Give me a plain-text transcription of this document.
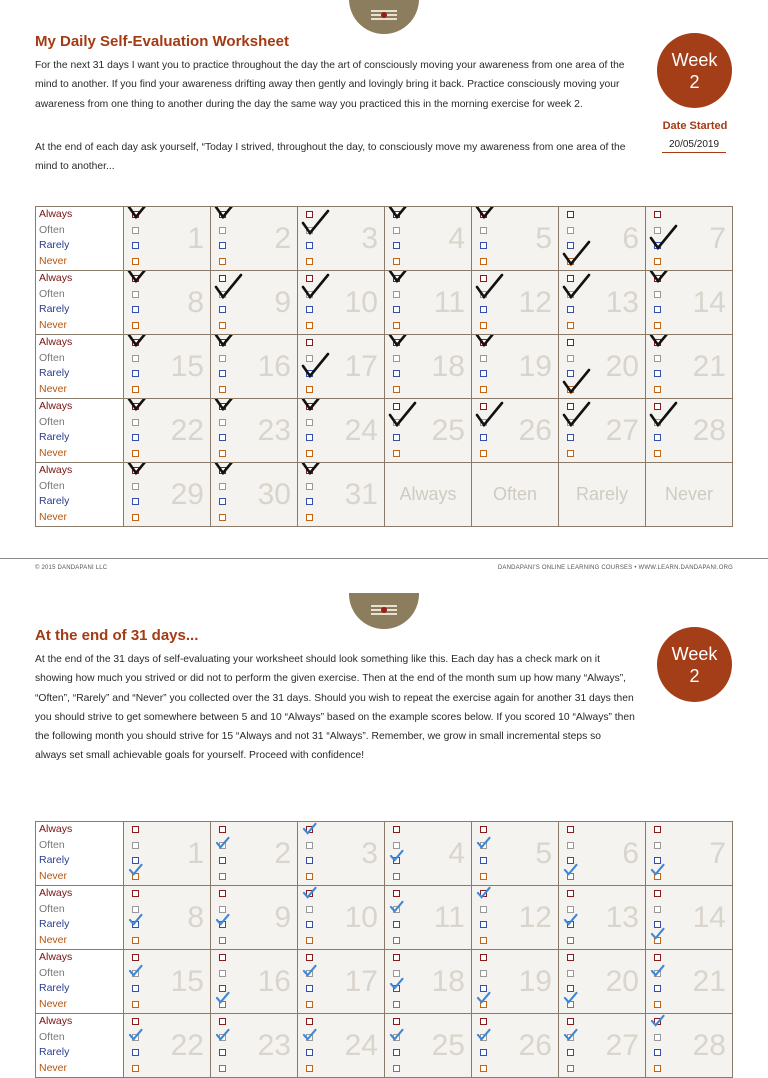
My Daily Self-Evaluation Worksheet

For the next 31 days I want you to practice throughout the day the art of consciously moving your awareness from one area of the mind to another. If you find your awareness drifting away then gently and lovingly bring it back. Practice consciously moving your awareness from one thing to another during the day the same way you practiced this in the morning exercise for week 2.

At the end of each day ask yourself, “Today I strived, throughout the day, to consciously move my awareness from one area of the mind to another...

Week
2
Date Started
20/05/2019
Always
Often
Rarely
Never	1	2	3	4	5	6	7

Always
Often
Rarely
Never	8	9	10	11	12	13	14

Always
Often
Rarely
Never	15	16	17	18	19	20	21

Always
Often
Rarely
Never	22	23	24	25	26	27	28

Always
Often
Rarely
Never	29	30	31	Always	Often	Rarely	Never
© 2015 DANDAPANI LLC	DANDAPANI’S ONLINE LEARNING COURSES • WWW.LEARN.DANDAPANI.ORG
At the end of 31 days...

At the end of the 31 days of self-evaluating your worksheet should look something like this. Each day has a check mark on it showing how much you strived or did not to perform the given exercise. Then at the end of the month sum up how many “Always”, “Often”, “Rarely” and “Never” you collected over the 31 days. Should you wish to repeat the exercise again for another 31 days then you should strive to get somewhere between 5 and 10 “Always” based on the example scores below. If you scored 10 “Always” then the following month you should strive for 15 “Always and not 31 “Always”. Remember, we grow in small incremental steps so always set small achievable goals for yourself. Proceed with confidence!

Week
2
Always
Often
Rarely
Never	1	2	3	4	5	6	7

Always
Often
Rarely
Never	8	9	10	11	12	13	14

Always
Often
Rarely
Never	15	16	17	18	19	20	21

Always
Often
Rarely
Never	22	23	24	25	26	27	28
